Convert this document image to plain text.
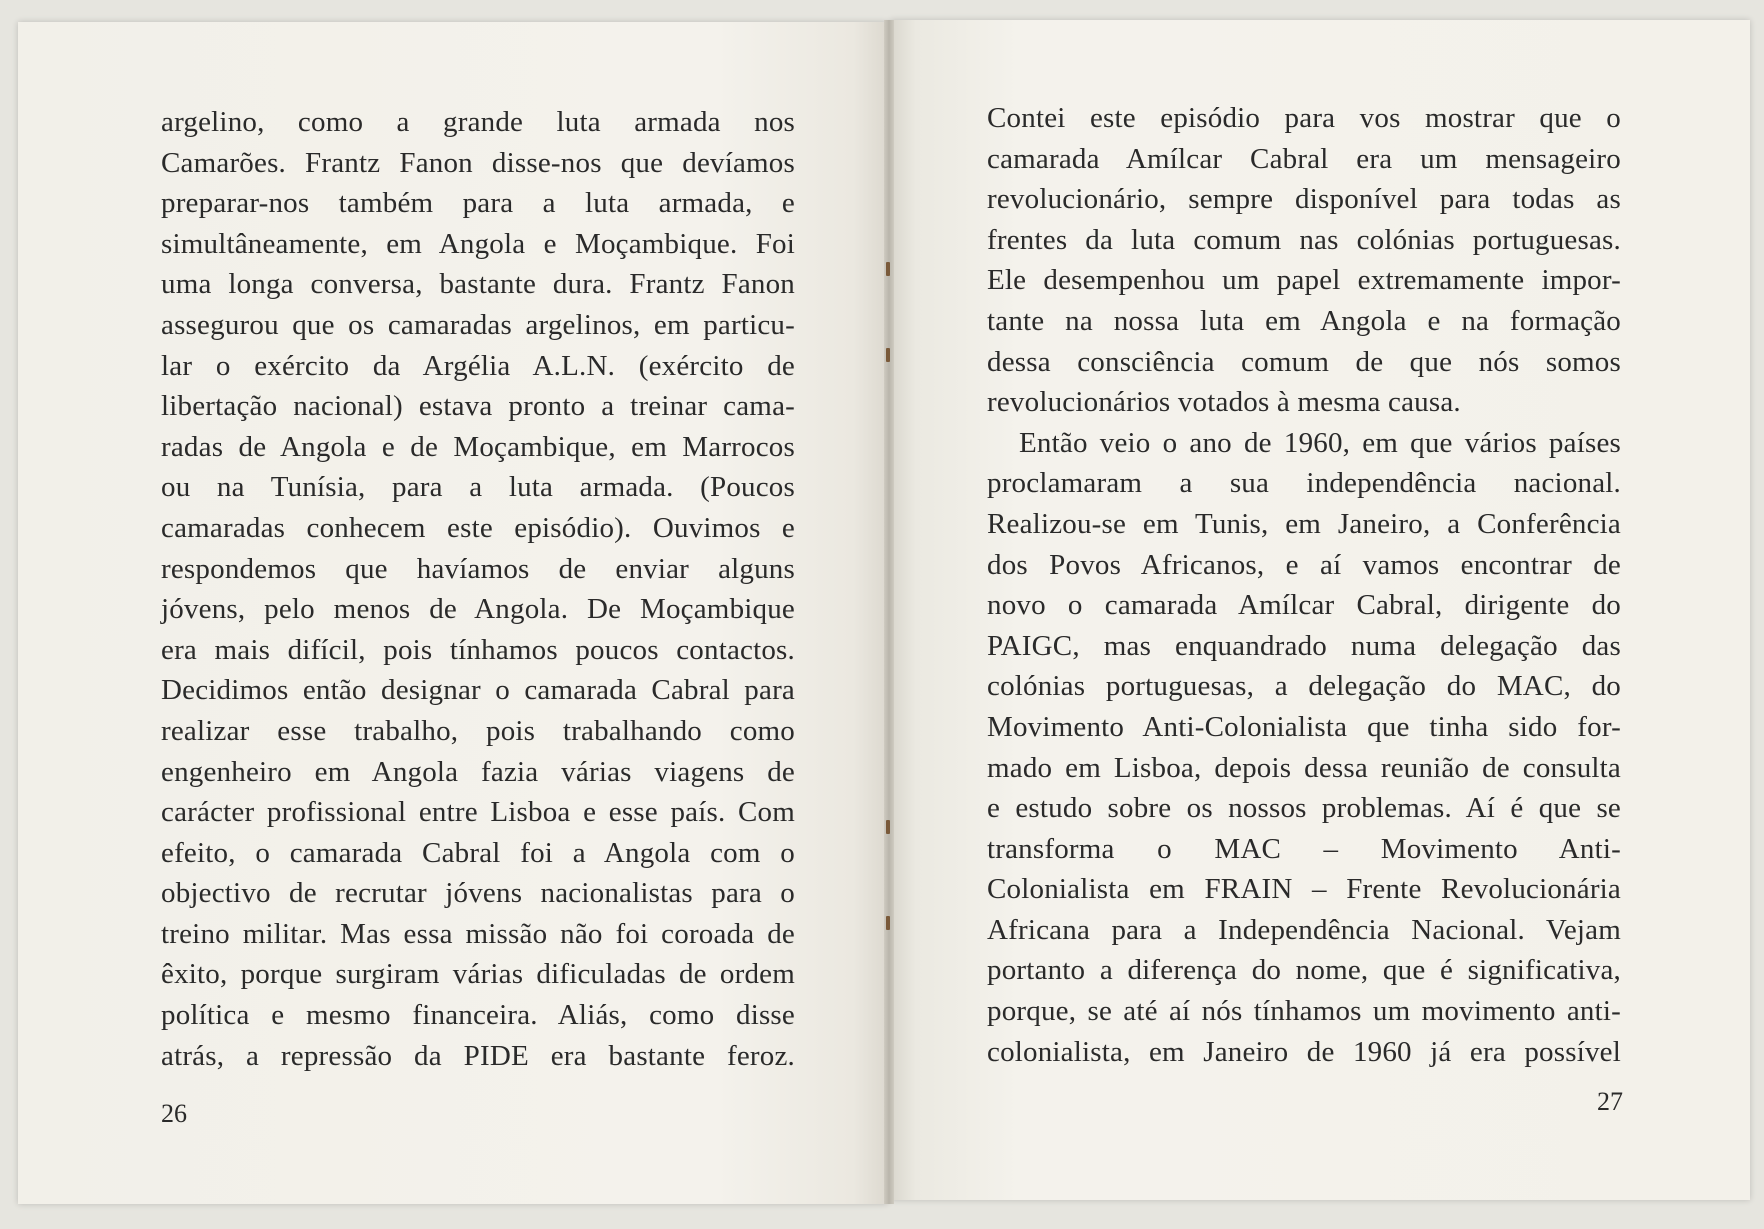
argelino, como a grande luta armada nos
Camarões. Frantz Fanon disse-nos que devíamos
preparar-nos também para a luta armada, e
simultâneamente, em Angola e Moçambique. Foi
uma longa conversa, bastante dura. Frantz Fanon
assegurou que os camaradas argelinos, em particu-
lar o exército da Argélia A.L.N. (exército de
libertação nacional) estava pronto a treinar cama-
radas de Angola e de Moçambique, em Marrocos
ou na Tunísia, para a luta armada. (Poucos
camaradas conhecem este episódio). Ouvimos e
respondemos que havíamos de enviar alguns
jóvens, pelo menos de Angola. De Moçambique
era mais difícil, pois tínhamos poucos contactos.
Decidimos então designar o camarada Cabral para
realizar esse trabalho, pois trabalhando como
engenheiro em Angola fazia várias viagens de
carácter profissional entre Lisboa e esse país. Com
efeito, o camarada Cabral foi a Angola com o
objectivo de recrutar jóvens nacionalistas para o
treino militar. Mas essa missão não foi coroada de
êxito, porque surgiram várias dificuladas de ordem
política e mesmo financeira. Aliás, como disse
atrás, a repressão da PIDE era bastante feroz.
26
Contei este episódio para vos mostrar que o
camarada Amílcar Cabral era um mensageiro
revolucionário, sempre disponível para todas as
frentes da luta comum nas colónias portuguesas.
Ele desempenhou um papel extremamente impor-
tante na nossa luta em Angola e na formação
dessa consciência comum de que nós somos
revolucionários votados à mesma causa.
Então veio o ano de 1960, em que vários países
proclamaram a sua independência nacional.
Realizou-se em Tunis, em Janeiro, a Conferência
dos Povos Africanos, e aí vamos encontrar de
novo o camarada Amílcar Cabral, dirigente do
PAIGC, mas enquandrado numa delegação das
colónias portuguesas, a delegação do MAC, do
Movimento Anti-Colonialista que tinha sido for-
mado em Lisboa, depois dessa reunião de consulta
e estudo sobre os nossos problemas. Aí é que se
transforma o MAC – Movimento Anti-
Colonialista em FRAIN – Frente Revolucionária
Africana para a Independência Nacional. Vejam
portanto a diferença do nome, que é significativa,
porque, se até aí nós tínhamos um movimento anti-
colonialista, em Janeiro de 1960 já era possível
27
